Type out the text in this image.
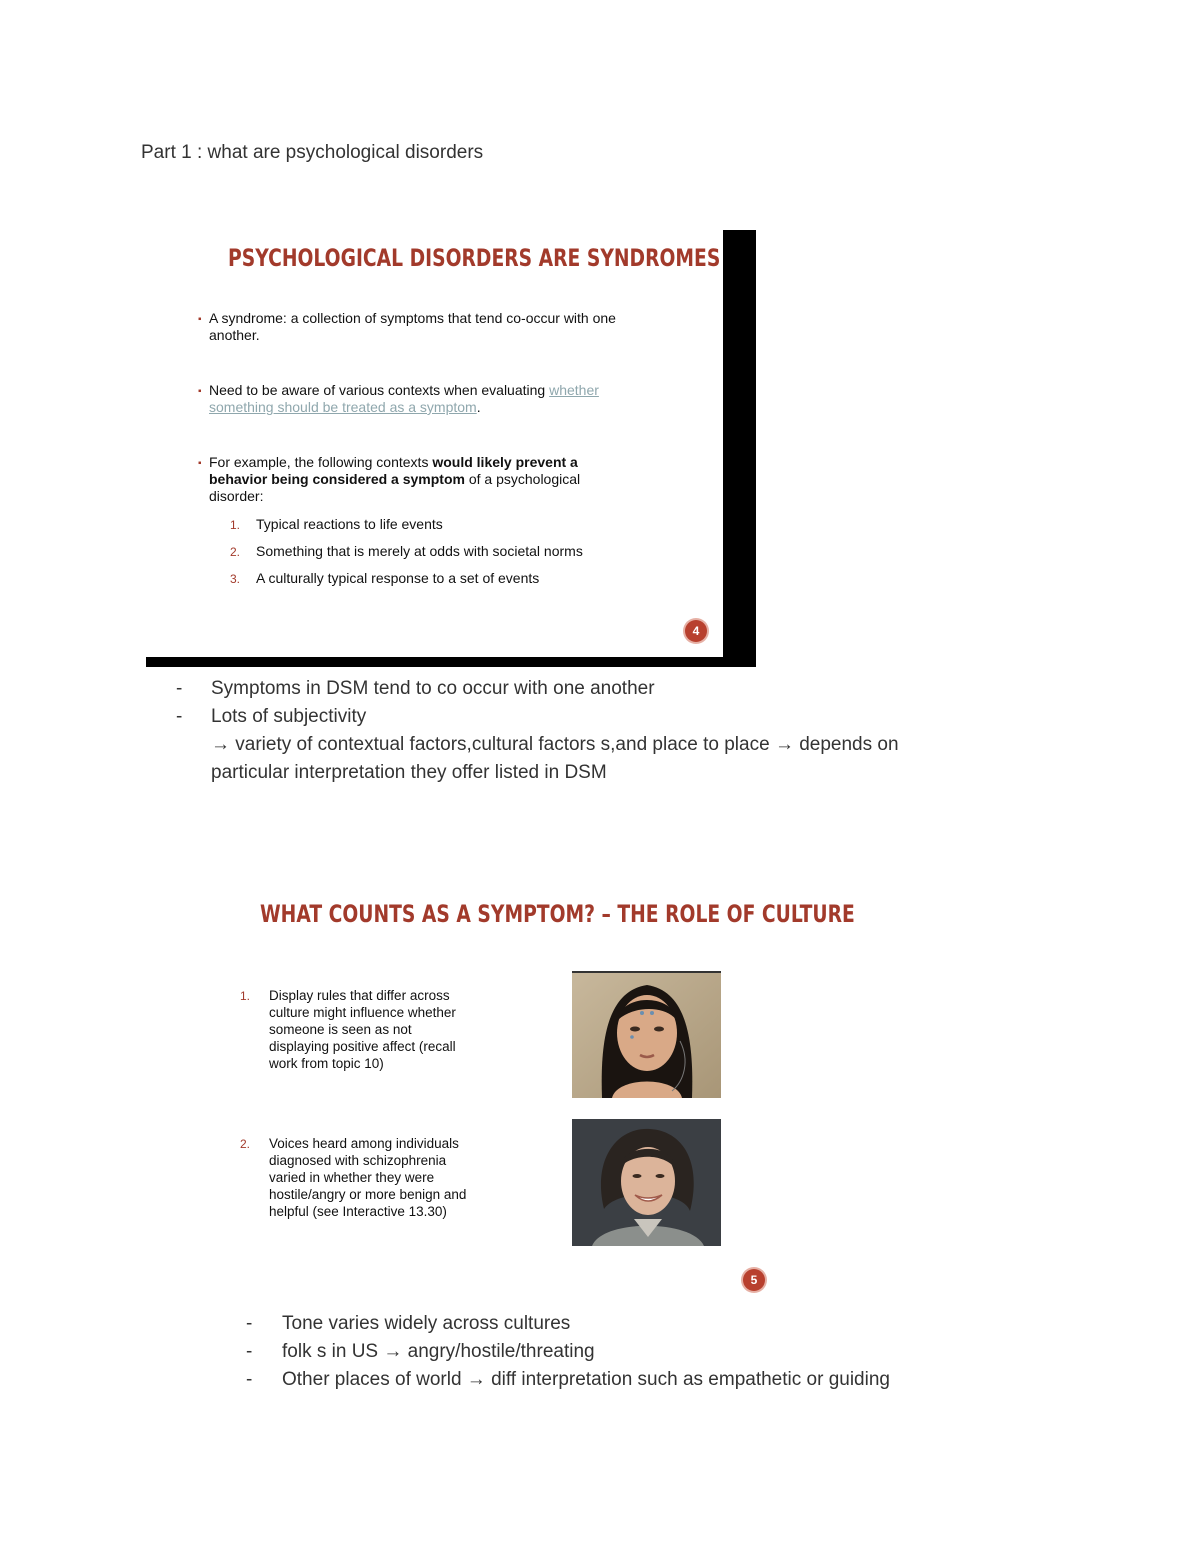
Part 1 : what are psychological disorders
PSYCHOLOGICAL DISORDERS ARE SYNDROMES
▪ A syndrome: a collection of symptoms that tend co-occur with one another.
▪ Need to be aware of various contexts when evaluating whether something should be treated as a symptom.
▪ For example, the following contexts would likely prevent a behavior being considered a symptom of a psychological disorder:
1. Typical reactions to life events
2. Something that is merely at odds with societal norms
3. A culturally typical response to a set of events
4
- Symptoms in DSM tend to co occur with one another
- Lots of subjectivity
→ variety of contextual factors,cultural factors s,and place to place → depends on
particular interpretation they offer listed in DSM
WHAT COUNTS AS A SYMPTOM? – THE ROLE OF CULTURE
1. Display rules that differ across
culture might influence whether
someone is seen as not
displaying positive affect (recall
work from topic 10)
2. Voices heard among individuals
diagnosed with schizophrenia
varied in whether they were
hostile/angry or more benign and
helpful (see Interactive 13.30)
5
- Tone varies widely across cultures
- folk s in US → angry/hostile/threating
- Other places of world → diff interpretation such as empathetic or guiding
